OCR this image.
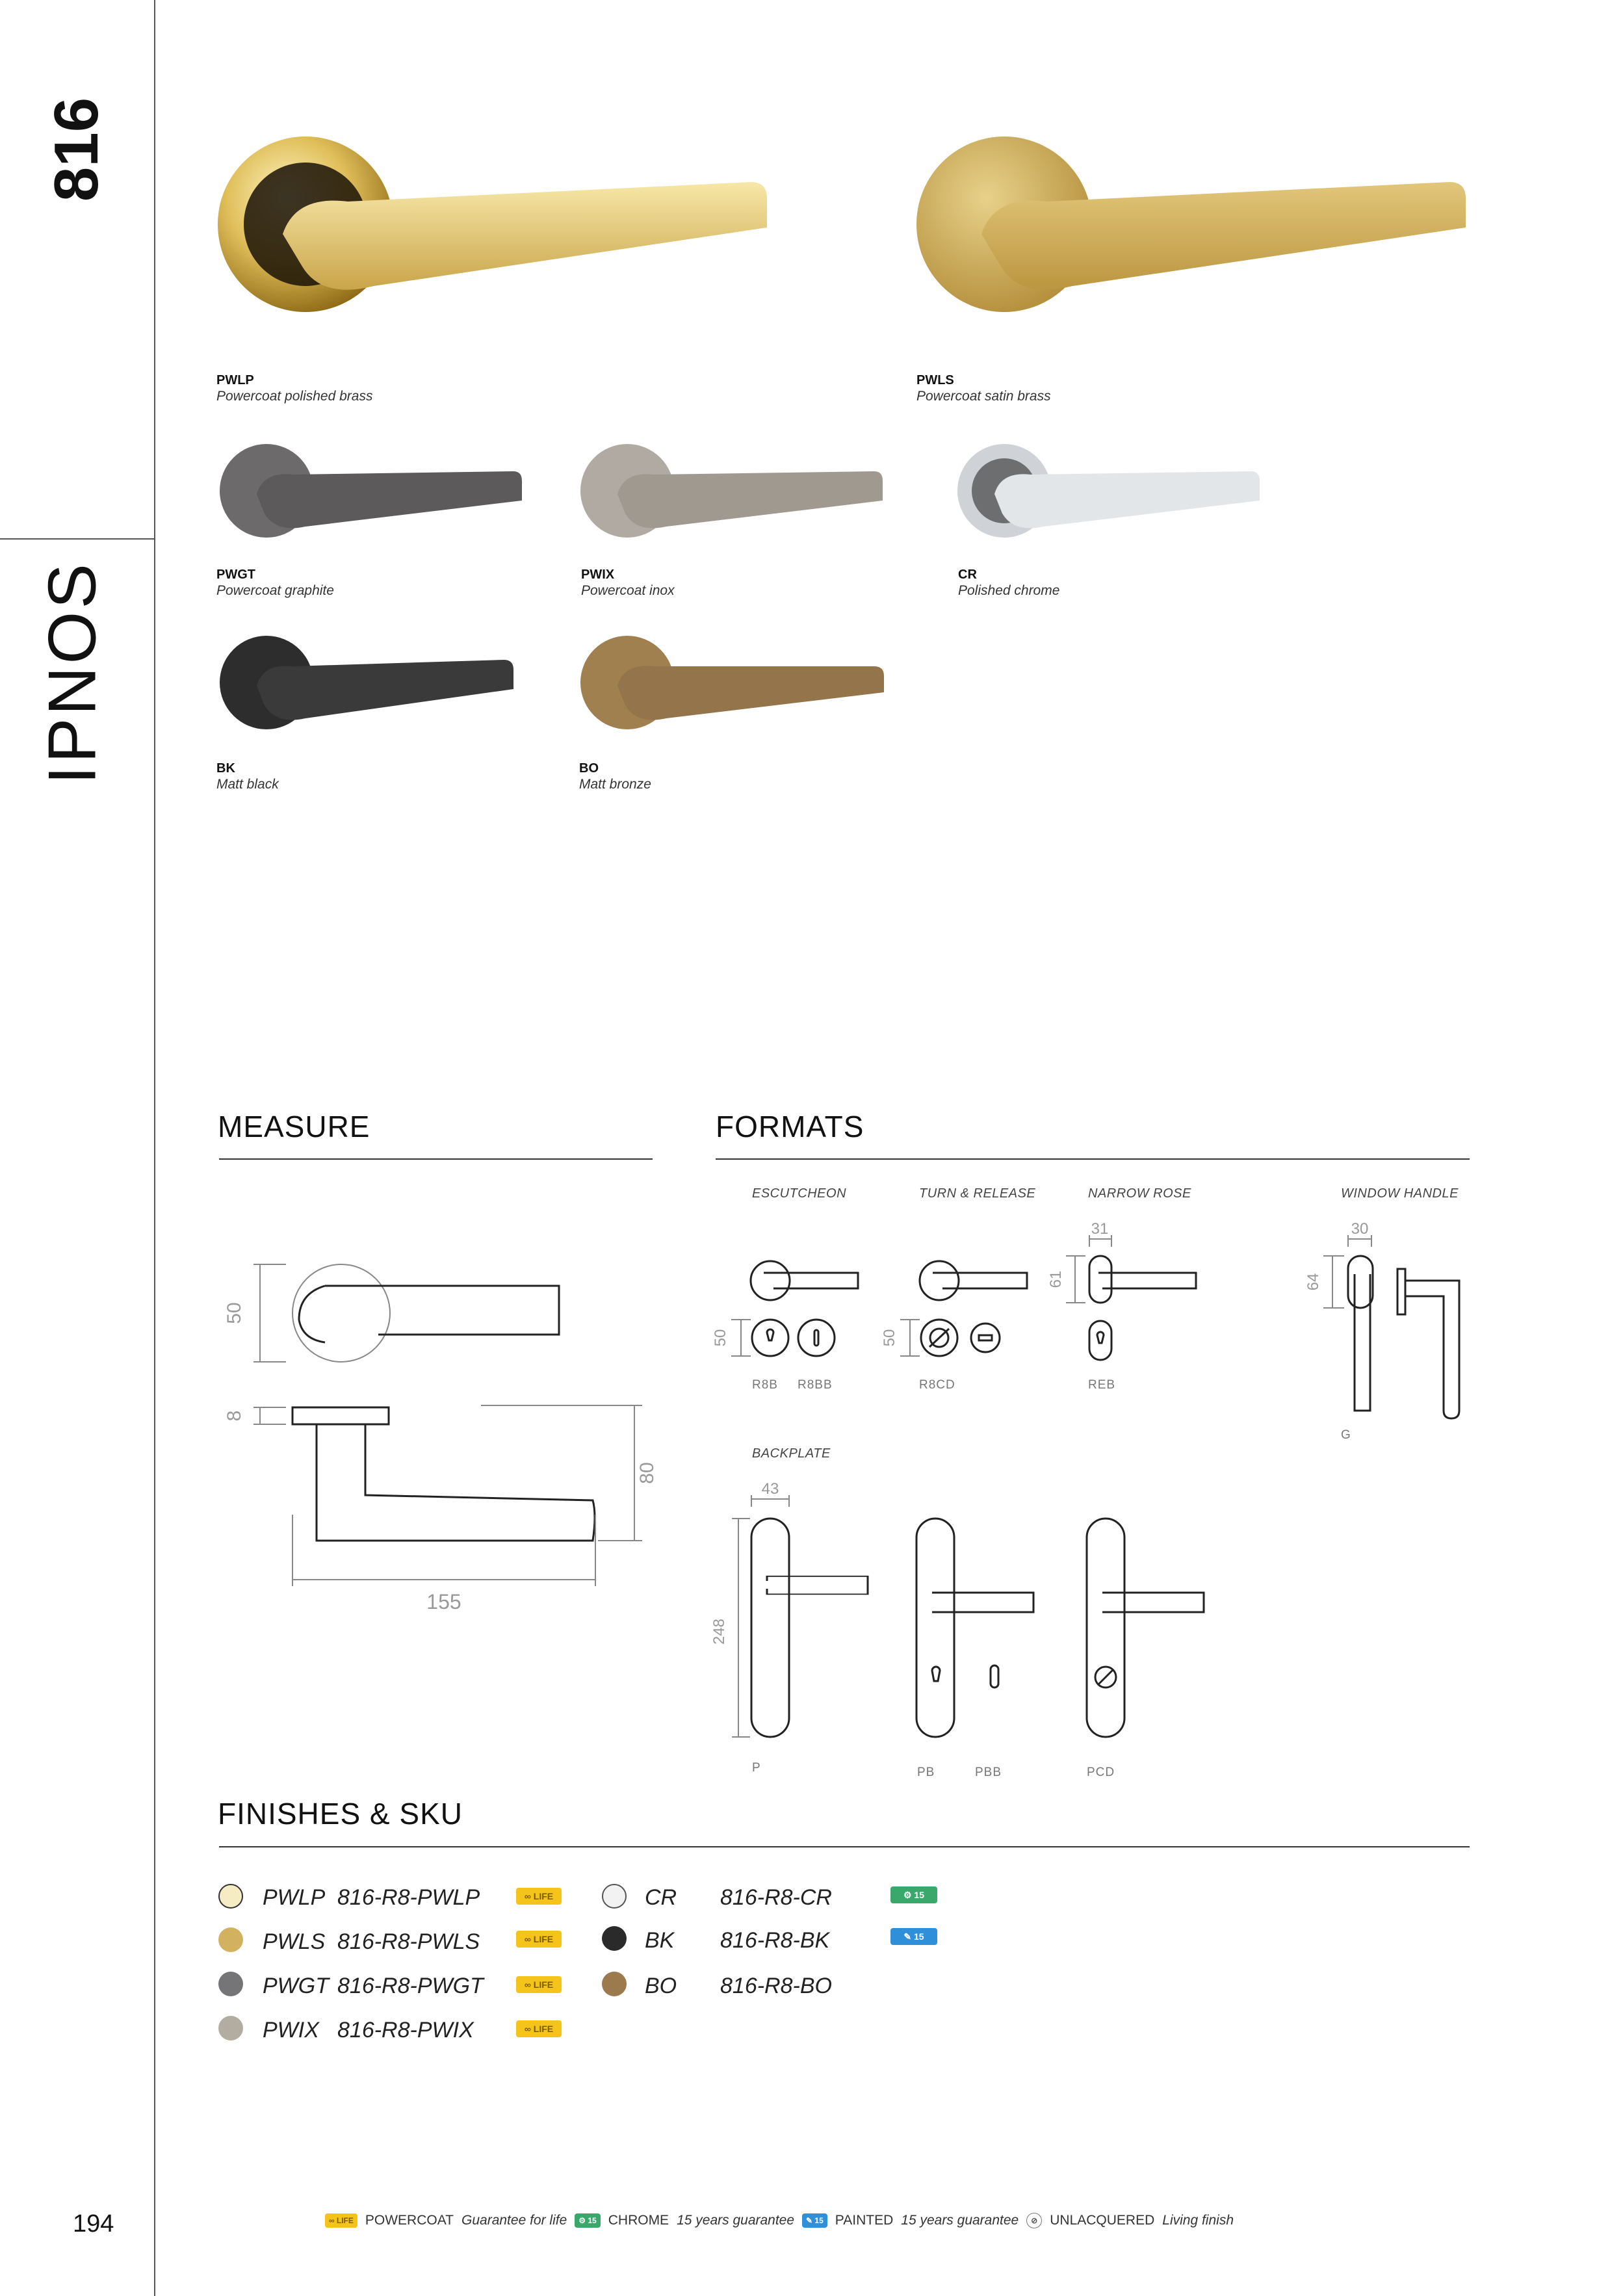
816
IPNOS
194
PWLP
Powercoat polished brass
PWLS
Powercoat satin brass
PWGT
Powercoat graphite
PWIX
Powercoat inox
CR
Polished chrome
BK
Matt black
BO
Matt bronze
MEASURE
50
8
80
155
FORMATS
ESCUTCHEON	TURN & RELEASE	NARROW ROSE	WINDOW HANDLE
BACKPLATE
50
R8B R8BB
50
R8CD
31
61
REB
30
64
G
43
248
P	PB	PBB	PCD
FINISHES & SKU
PWLP 816-R8-PWLP	∞ LIFE
PWLS 816-R8-PWLS	∞ LIFE
PWGT 816-R8-PWGT	∞ LIFE
PWIX 816-R8-PWIX	∞ LIFE
CR 816-R8-CR	⚙ 15
BK 816-R8-BK	✎ 15
BO 816-R8-BO
∞ LIFE POWERCOAT Guarantee for life	⚙ 15 CHROME 15 years guarantee	✎ 15 PAINTED 15 years guarantee	⊘ UNLACQUERED Living finish
